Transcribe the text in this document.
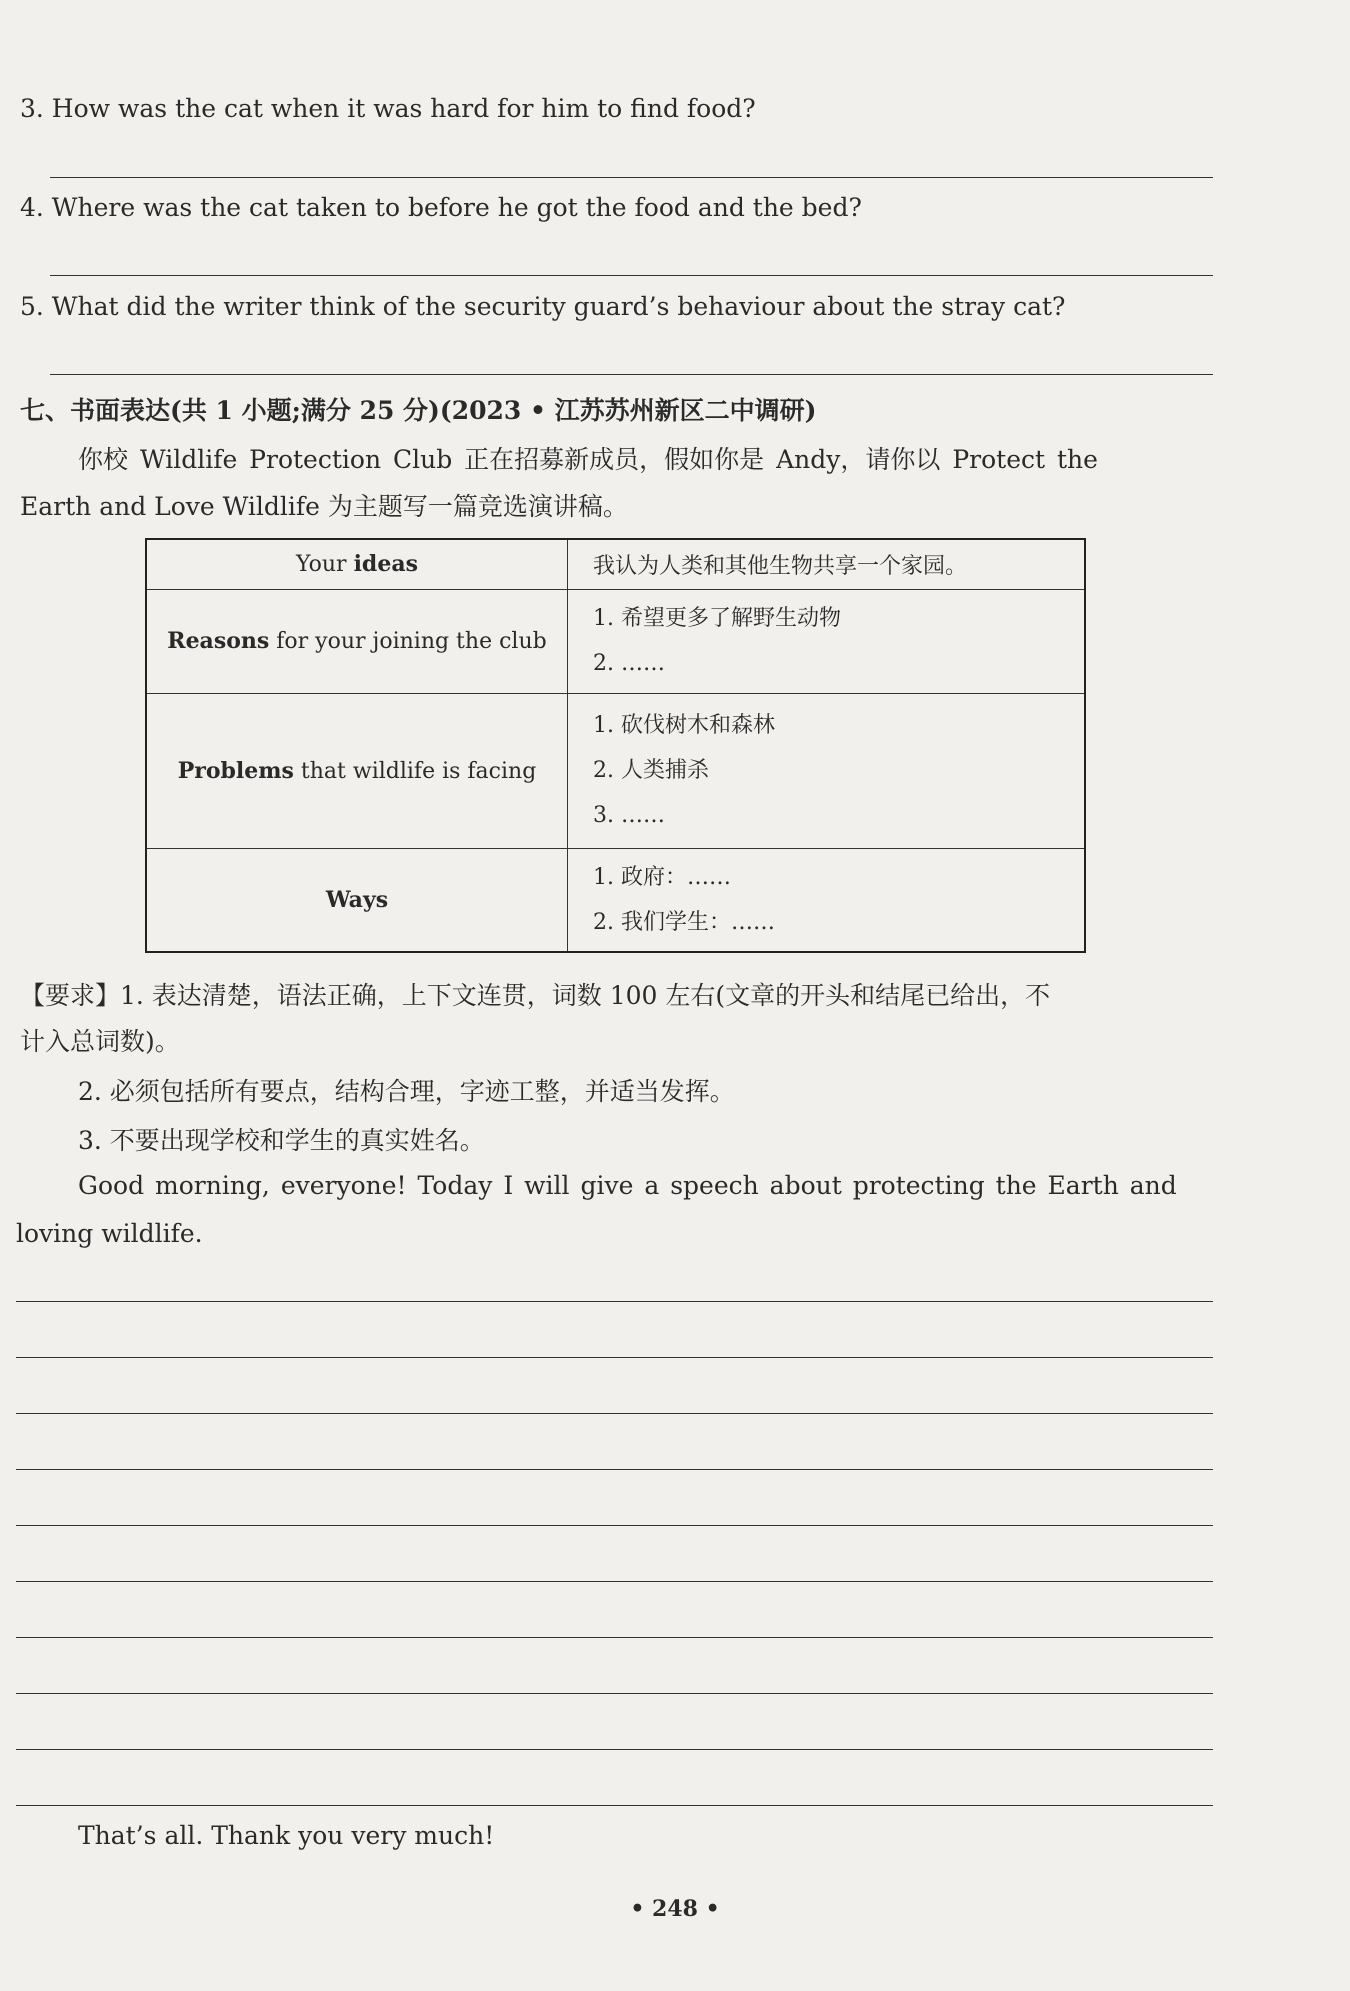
3. How was the cat when it was hard for him to find food?
4. Where was the cat taken to before he got the food and the bed?
5. What did the writer think of the security guard’s behaviour about the stray cat?
七、书面表达(共 1 小题;满分 25 分)(2023 • 江苏苏州新区二中调研)
你校 Wildlife Protection Club 正在招募新成员，假如你是 Andy，请你以 Protect the
Earth and Love Wildlife 为主题写一篇竞选演讲稿。
Your ideas	我认为人类和其他生物共享一个家园。

Reasons for your joining the club	1. 希望更多了解野生动物
2. ……

Problems that wildlife is facing	1. 砍伐树木和森林
2. 人类捕杀
3. ……

Ways	1. 政府：……
2. 我们学生：……
【要求】1. 表达清楚，语法正确，上下文连贯，词数 100 左右(文章的开头和结尾已给出，不
计入总词数)。
2. 必须包括所有要点，结构合理，字迹工整，并适当发挥。
3. 不要出现学校和学生的真实姓名。
Good morning, everyone! Today I will give a speech about protecting the Earth and
loving wildlife.
That’s all. Thank you very much!
• 248 •
